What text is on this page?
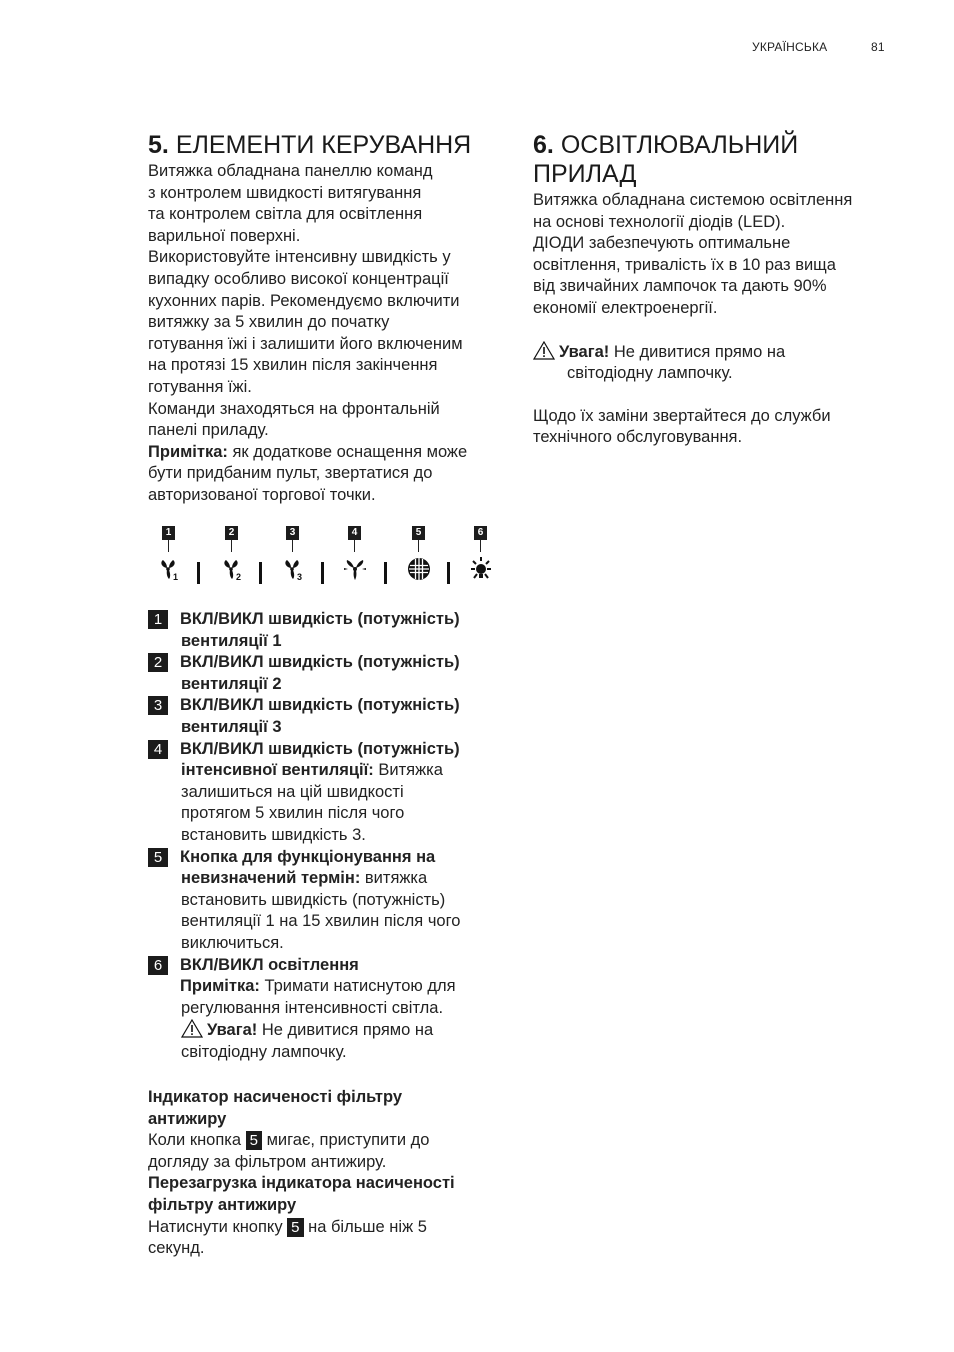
УКРАЇНСЬКА	81
5. ЕЛЕМЕНТИ КЕРУВАННЯ

Витяжка обладнана панеллю команд

з контролем швидкості витягування

та контролем світла для освітлення

варильної поверхні.

Використовуйте інтенсивну швидкість у

випадку особливо високої концентрації

кухонних парів. Рекомендуємо включити

витяжку за 5 хвилин до початку

готування їжі і залишити його включеним

на протязі 15 хвилин після закінчення

готування їжі.

Команди знаходяться на фронтальній

панелі приладу.

Примітка: як додаткове оснащення може

бути придбаним пульт, звертатися до

авторизованої торгової точки.

1
1
2
2
3
3
4	5	6
1	ВКЛ/ВИКЛ швидкість (потужність)
вентиляції 1
2	ВКЛ/ВИКЛ швидкість (потужність)
вентиляції 2
3	ВКЛ/ВИКЛ швидкість (потужність)
вентиляції 3
4	ВКЛ/ВИКЛ швидкість (потужність)
інтенсивної вентиляції: Витяжка
залишиться на цій швидкості
протягом 5 хвилин після чого
встановить швидкість 3.
5	Кнопка для функціонування на
невизначений термін: витяжка
встановить швидкість (потужність)
вентиляції 1 на 15 хвилин після чого
виключиться.
6	ВКЛ/ВИКЛ освітлення
Примітка: Тримати натиснутою для
регулювання інтенсивності світла.
Увага! Не дивитися прямо на
світодіодну лампочку.
Індикатор насиченості фільтру
антижиру

Коли кнопка 5 мигає, приступити до

догляду за фільтром антижиру.

Перезагрузка індикатора насиченості
фільтру антижиру

Натиснути кнопку 5 на більше ніж 5

секунд.

6. ОСВІТЛЮВАЛЬНИЙ
ПРИЛАД

Витяжка обладнана системою освітлення

на основі технології діодів (LED).

ДІОДИ забезпечують оптимальне

освітлення, тривалість їх в 10 раз вища

від звичайних лампочок та дають 90%

економії електроенергії.

Увага! Не дивитися прямо на

світодіодну лампочку.

Щодо їх заміни звертайтеся до служби

технічного обслуговування.
